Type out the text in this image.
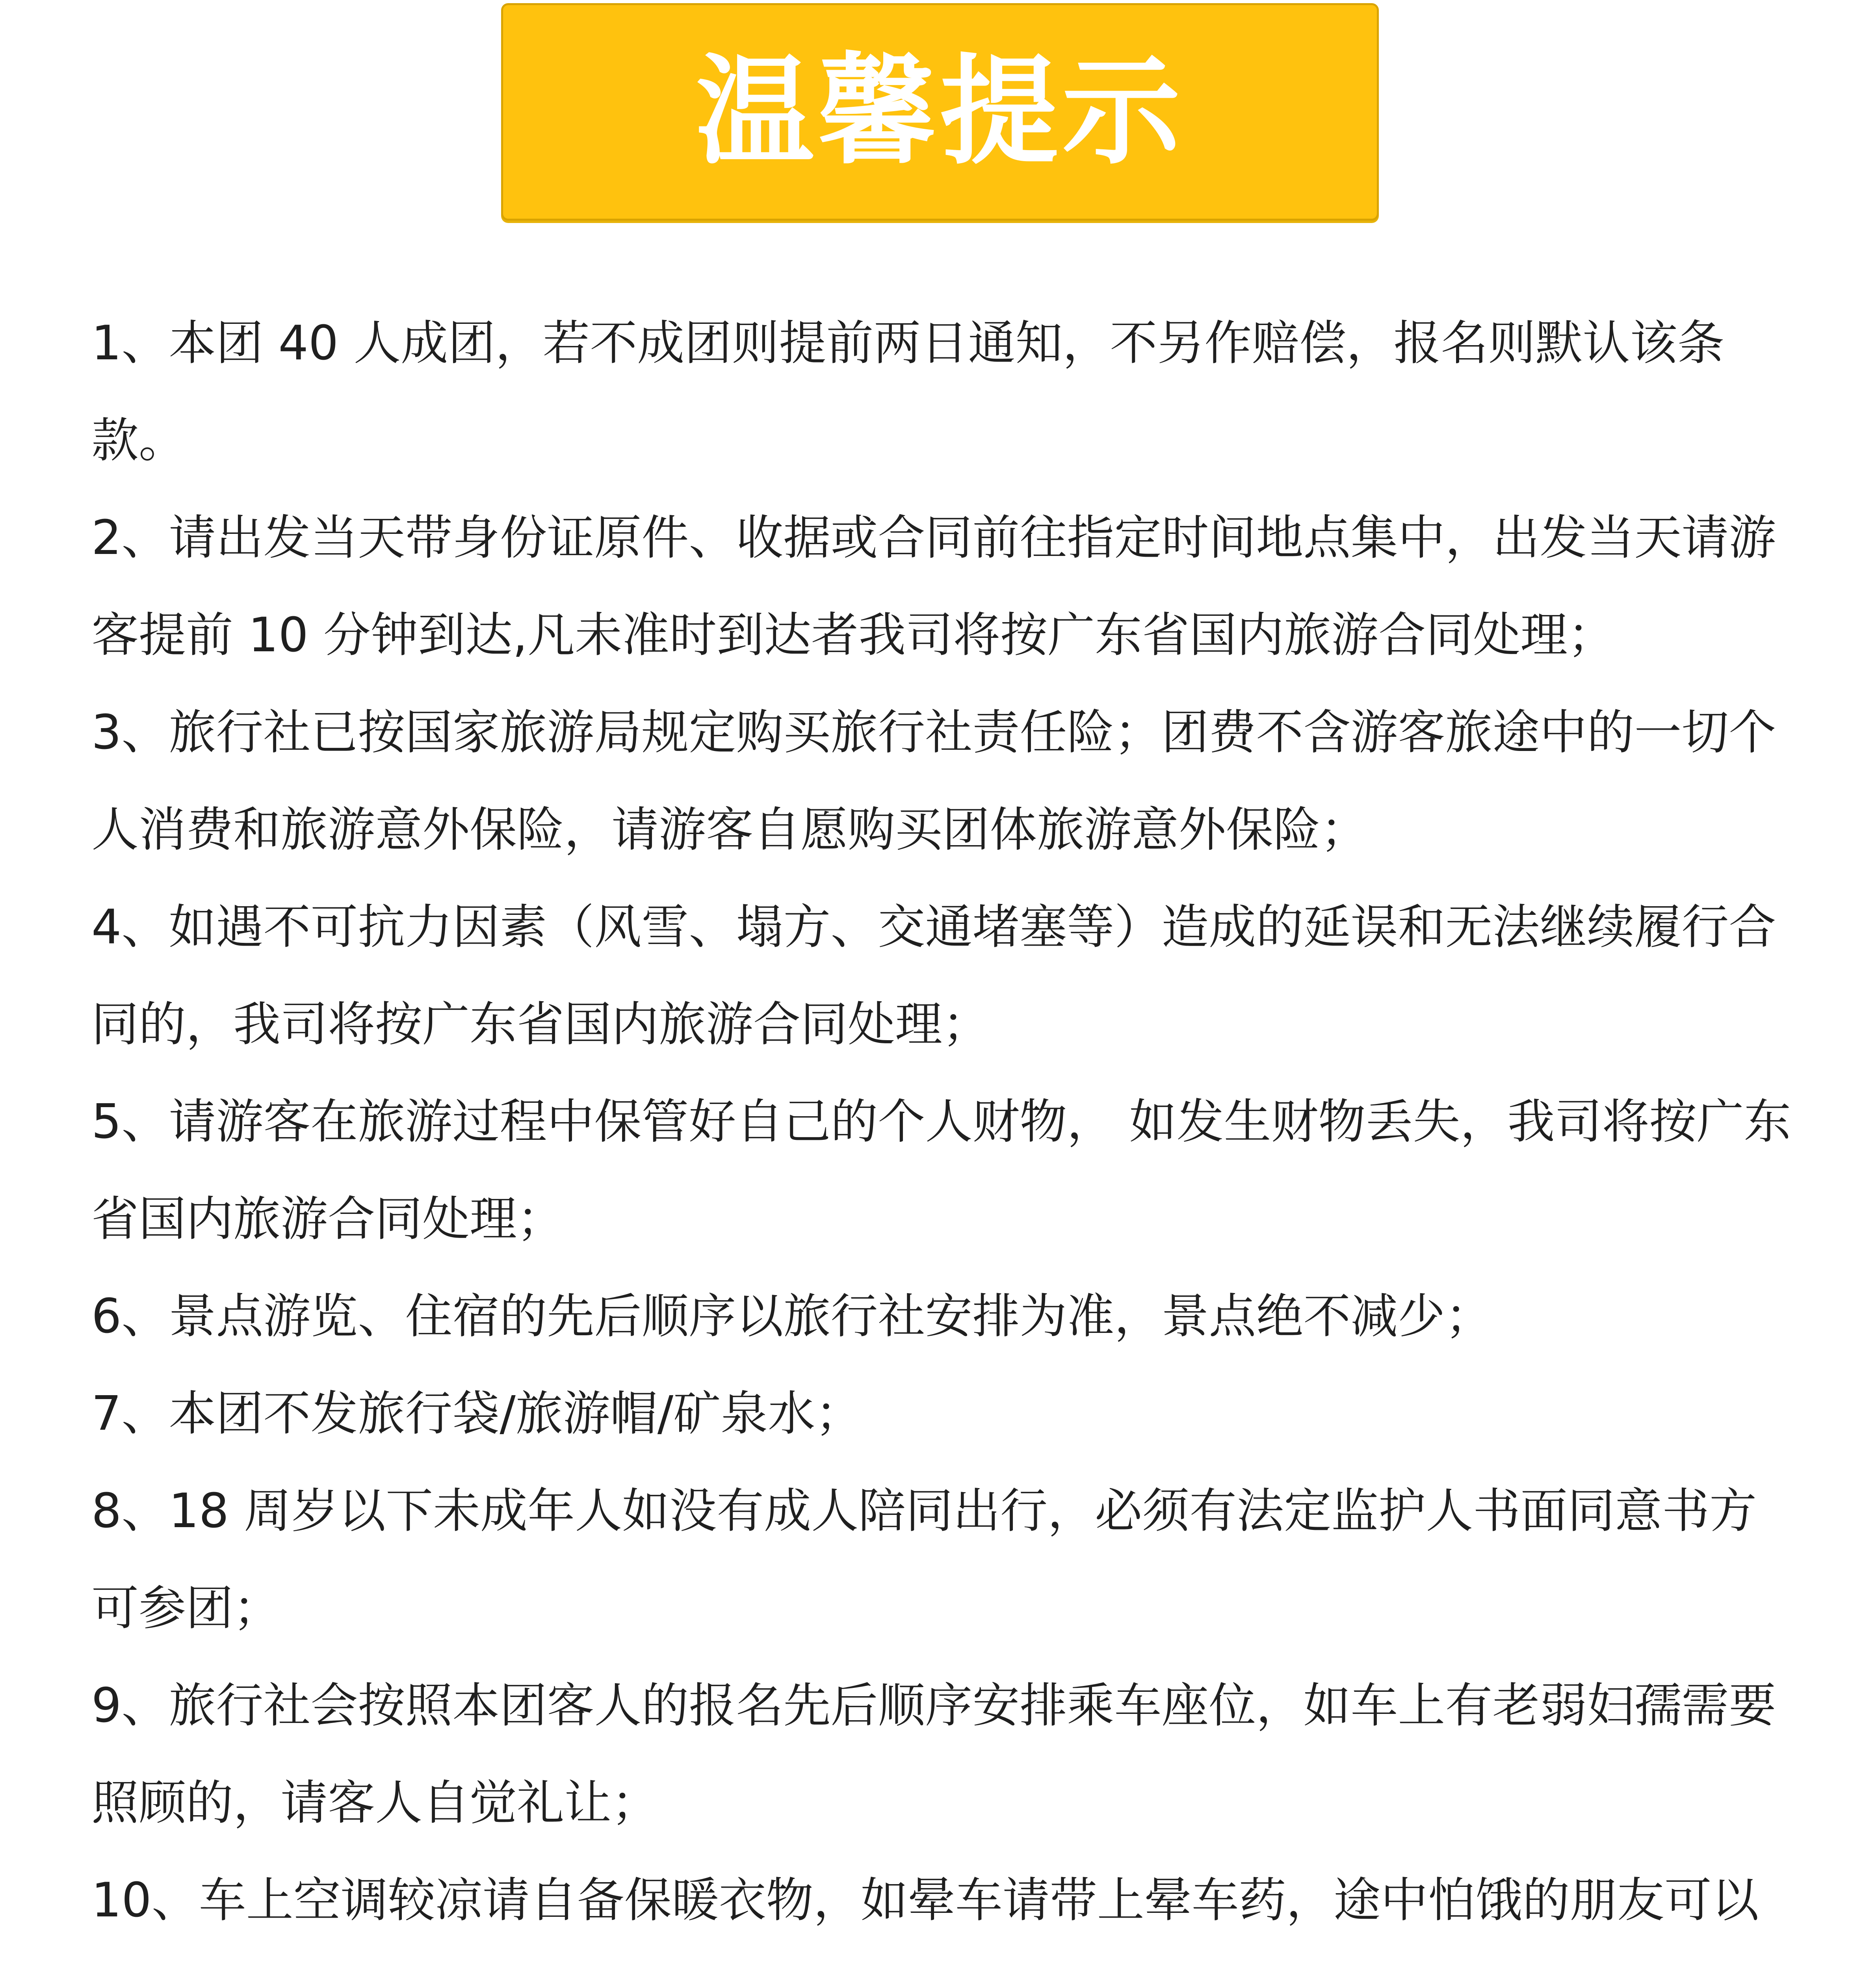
温馨提示
1、本团 40 人成团，若不成团则提前两日通知，不另作赔偿，报名则默认该条款。
2、请出发当天带身份证原件、收据或合同前往指定时间地点集中，出发当天请游客提前 10 分钟到达,凡未准时到达者我司将按广东省国内旅游合同处理；
3、旅行社已按国家旅游局规定购买旅行社责任险；团费不含游客旅途中的一切个人消费和旅游意外保险，请游客自愿购买团体旅游意外保险；
4、如遇不可抗力因素（风雪、塌方、交通堵塞等）造成的延误和无法继续履行合同的，我司将按广东省国内旅游合同处理；
5、请游客在旅游过程中保管好自己的个人财物， 如发生财物丢失，我司将按广东省国内旅游合同处理；
6、景点游览、住宿的先后顺序以旅行社安排为准，景点绝不减少；
7、本团不发旅行袋/旅游帽/矿泉水；
8、18 周岁以下未成年人如没有成人陪同出行，必须有法定监护人书面同意书方可参团；
9、旅行社会按照本团客人的报名先后顺序安排乘车座位，如车上有老弱妇孺需要照顾的，请客人自觉礼让；
10、车上空调较凉请自备保暖衣物，如晕车请带上晕车药，途中怕饿的朋友可以
